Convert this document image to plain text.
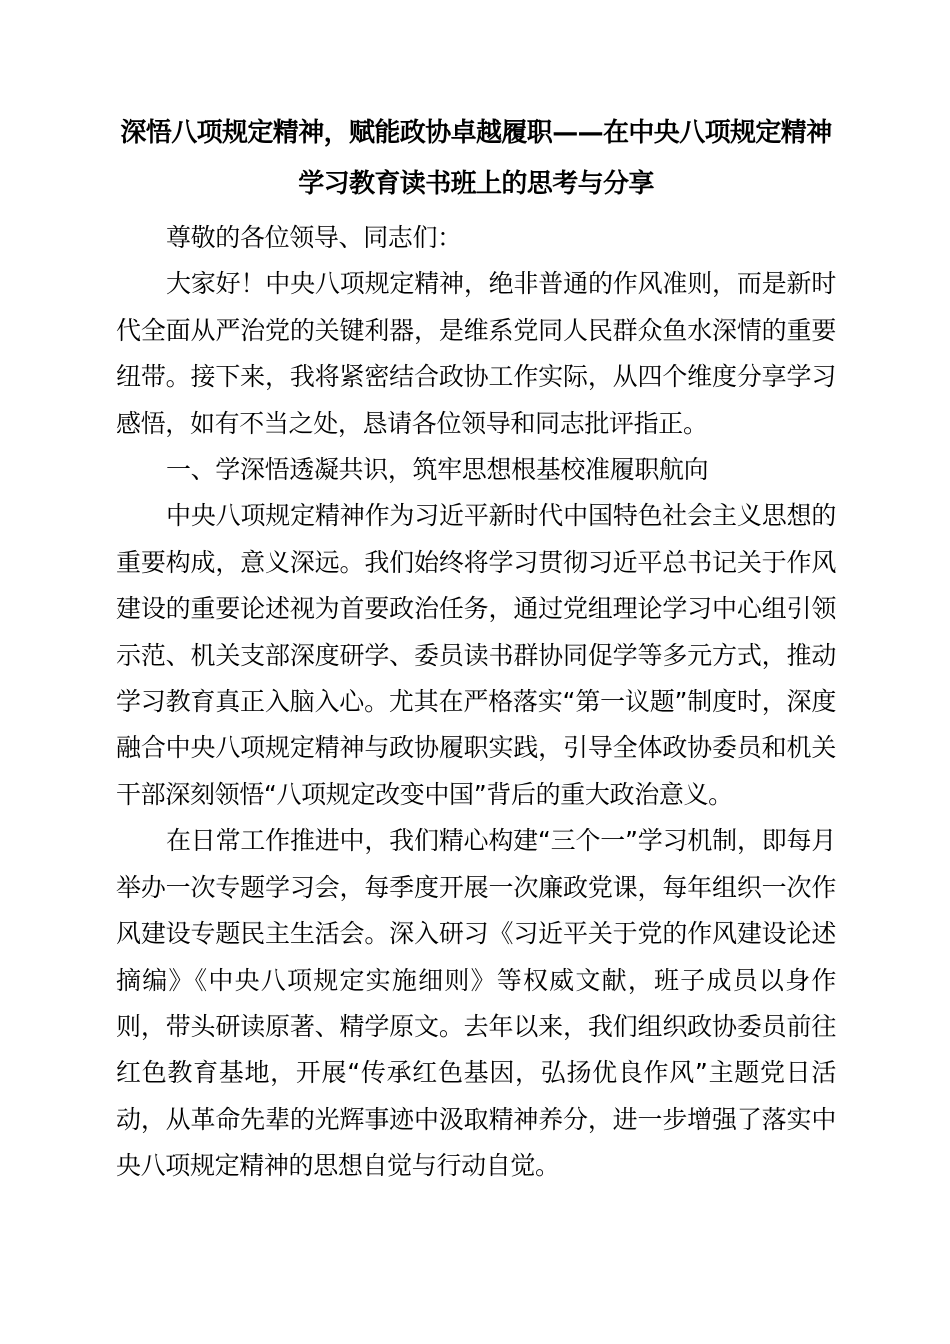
深悟八项规定精神，赋能政协卓越履职——在中央八项规定精神
学习教育读书班上的思考与分享

尊敬的各位领导、同志们：

大家好！中央八项规定精神，绝非普通的作风准则，而是新时代全面从严治党的关键利器，是维系党同人民群众鱼水深情的重要纽带。接下来，我将紧密结合政协工作实际，从四个维度分享学习感悟，如有不当之处，恳请各位领导和同志批评指正。

一、学深悟透凝共识，筑牢思想根基校准履职航向

中央八项规定精神作为习近平新时代中国特色社会主义思想的重要构成，意义深远。我们始终将学习贯彻习近平总书记关于作风建设的重要论述视为首要政治任务，通过党组理论学习中心组引领示范、机关支部深度研学、委员读书群协同促学等多元方式，推动学习教育真正入脑入心。尤其在严格落实“第一议题”制度时，深度融合中央八项规定精神与政协履职实践，引导全体政协委员和机关干部深刻领悟“八项规定改变中国”背后的重大政治意义。

在日常工作推进中，我们精心构建“三个一”学习机制，即每月举办一次专题学习会，每季度开展一次廉政党课，每年组织一次作风建设专题民主生活会。深入研习《习近平关于党的作风建设论述摘编》《中央八项规定实施细则》等权威文献，班子成员以身作则，带头研读原著、精学原文。去年以来，我们组织政协委员前往红色教育基地，开展“传承红色基因，弘扬优良作风”主题党日活动，从革命先辈的光辉事迹中汲取精神养分，进一步增强了落实中央八项规定精神的思想自觉与行动自觉。
